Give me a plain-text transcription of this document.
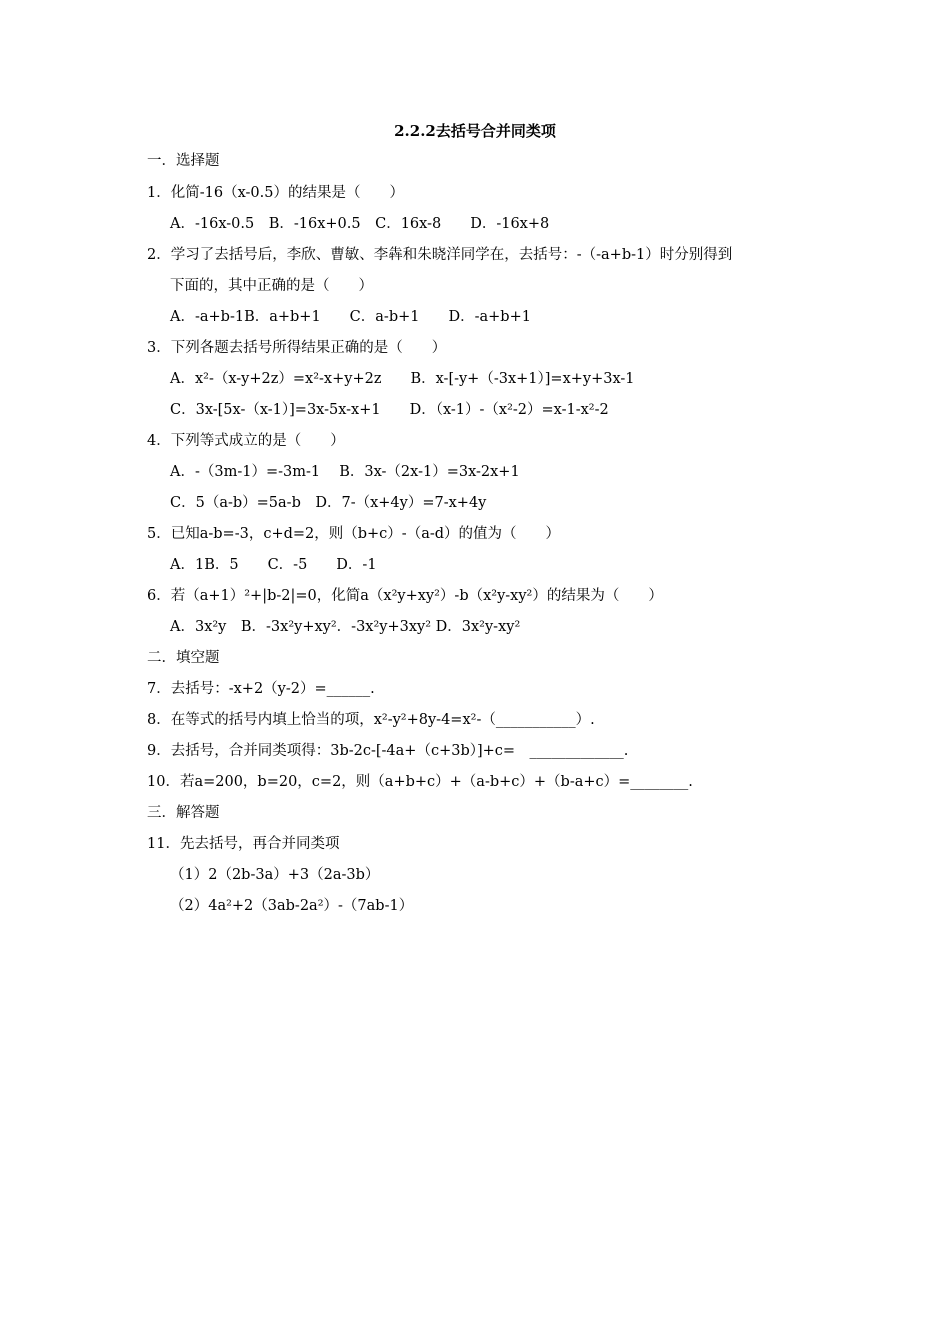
2.2.2去括号合并同类项
一．选择题
1．化简-16（x-0.5）的结果是（　　）
A．-16x-0.5　B．-16x+0.5　C．16x-8　　D．-16x+8
2．学习了去括号后，李欣、曹敏、李犇和朱晓洋同学在，去括号：-（-a+b-1）时分别得到
下面的，其中正确的是（　　）
A．-a+b-1B．a+b+1　　C．a-b+1　　D．-a+b+1
3．下列各题去括号所得结果正确的是（　　）
A．x²-（x-y+2z）=x²-x+y+2z　　B．x-[-y+（-3x+1）]=x+y+3x-1
C．3x-[5x-（x-1）]=3x-5x-x+1　　D．（x-1）-（x²-2）=x-1-x²-2
4．下列等式成立的是（　　）
A．-（3m-1）=-3m-1　 B．3x-（2x-1）=3x-2x+1
C．5（a-b）=5a-b　D．7-（x+4y）=7-x+4y
5．已知a-b=-3，c+d=2，则（b+c）-（a-d）的值为（　　）
A．1B．5　　C．-5　　D．-1
6．若（a+1）²+|b-2|=0，化简a（x²y+xy²）-b（x²y-xy²）的结果为（　　）
A．3x²y　B．-3x²y+xy²．-3x²y+3xy² D．3x²y-xy²
二．填空题
7．去括号：-x+2（y-2）=______.
8．在等式的括号内填上恰当的项，x²-y²+8y-4=x²-（___________）.
9．去括号，合并同类项得：3b-2c-[-4a+（c+3b）]+c=　_____________.
10．若a=200，b=20，c=2，则（a+b+c）+（a-b+c）+（b-a+c）=________.
三．解答题
11．先去括号，再合并同类项
（1）2（2b-3a）+3（2a-3b）
（2）4a²+2（3ab-2a²）-（7ab-1）
